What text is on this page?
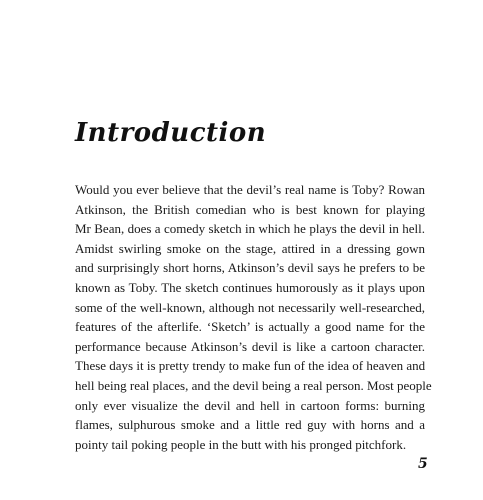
Introduction
Would you ever believe that the devil’s real name is Toby? Rowan
Atkinson, the British comedian who is best known for playing
Mr Bean, does a comedy sketch in which he plays the devil in hell.
Amidst swirling smoke on the stage, attired in a dressing gown
and surprisingly short horns, Atkinson’s devil says he prefers to be
known as Toby. The sketch continues humorously as it plays upon
some of the well-known, although not necessarily well-researched,
features of the afterlife. ‘Sketch’ is actually a good name for the
performance because Atkinson’s devil is like a cartoon character.
These days it is pretty trendy to make fun of the idea of heaven and
hell being real places, and the devil being a real person. Most people
only ever visualize the devil and hell in cartoon forms: burning
flames, sulphurous smoke and a little red guy with horns and a
pointy tail poking people in the butt with his pronged pitchfork.
5
